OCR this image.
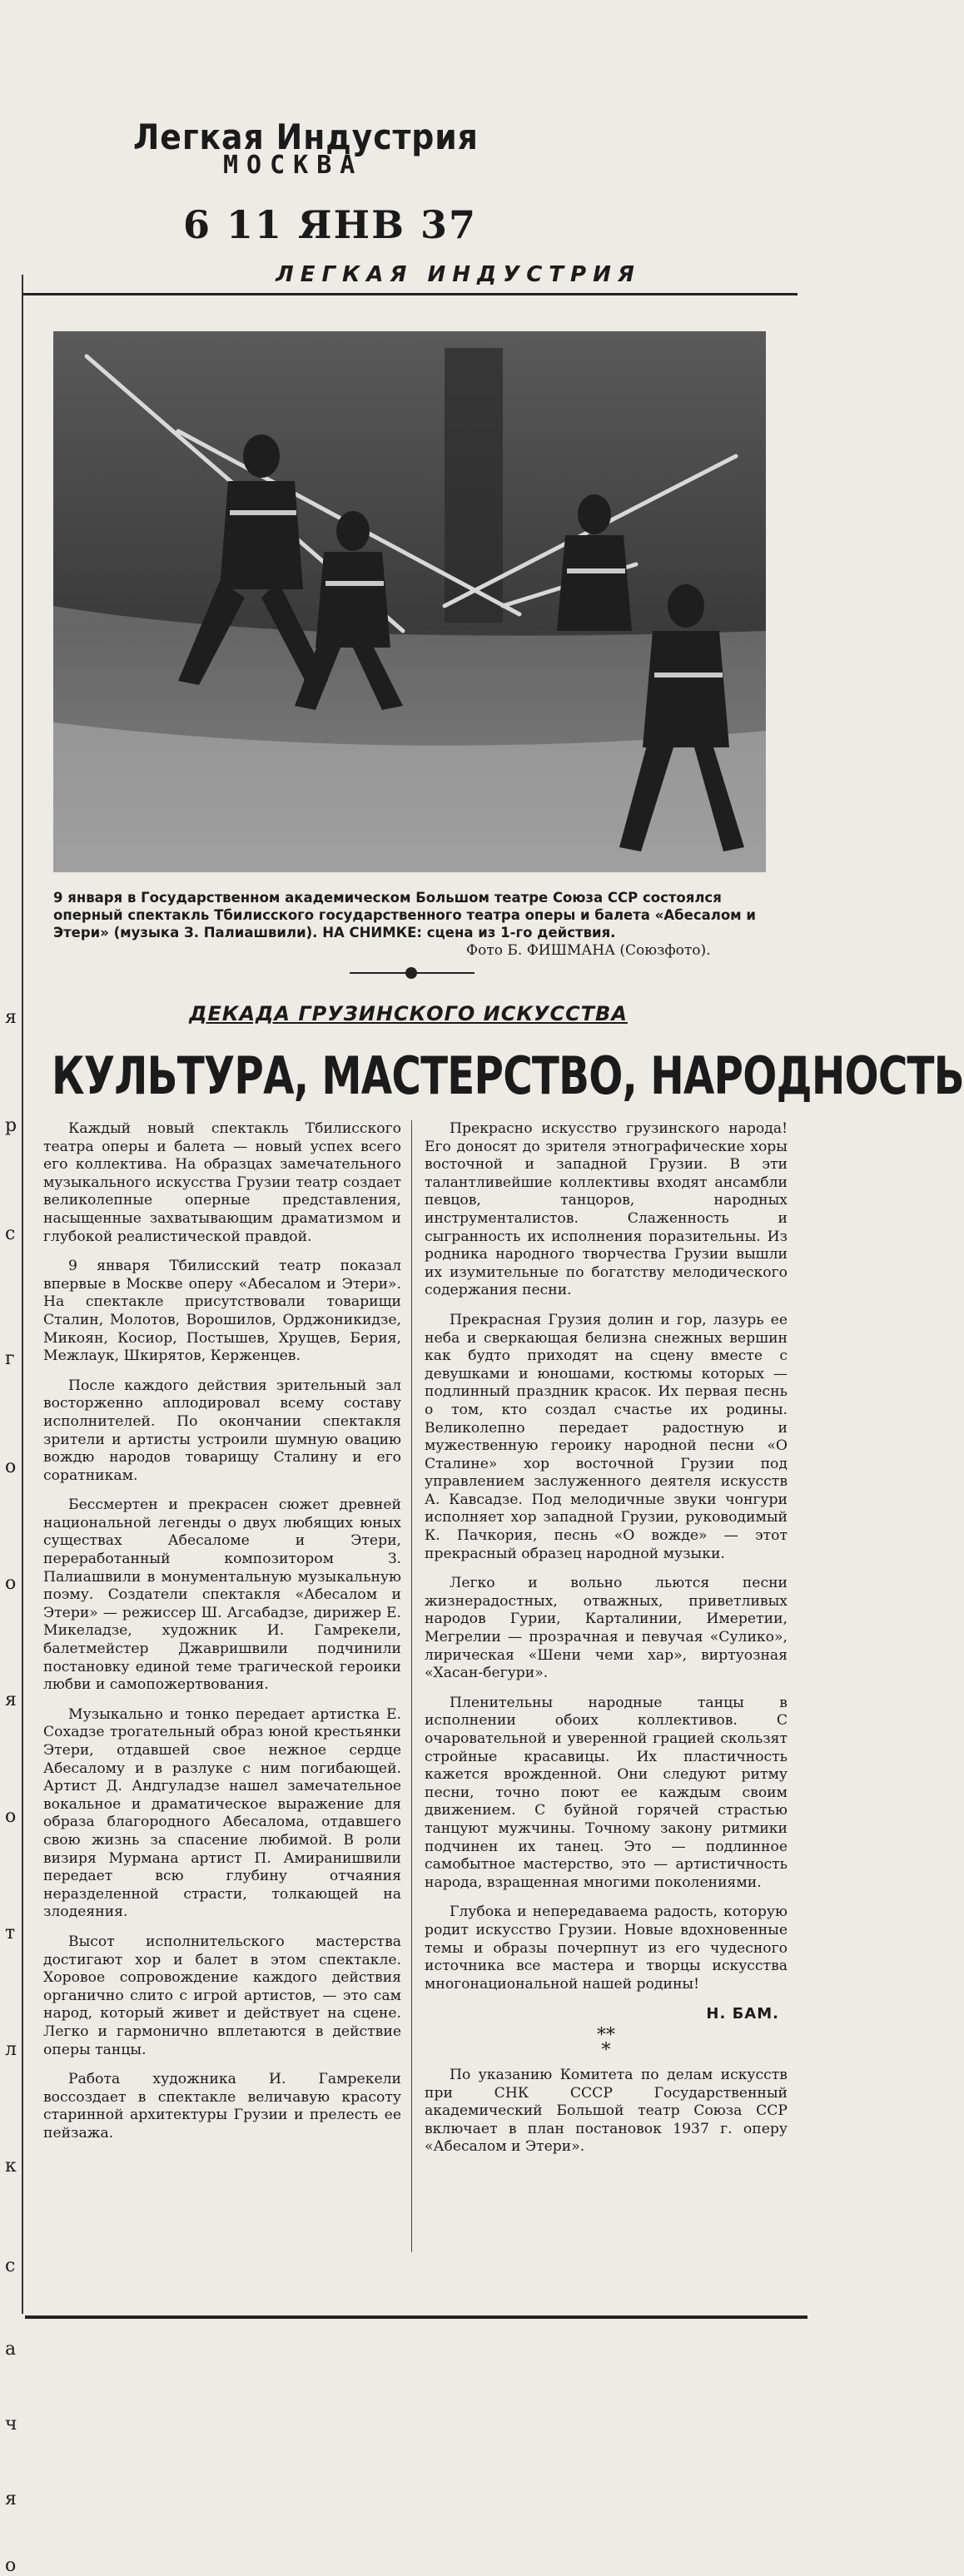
Легкая Индустрия
МОСКВА
6 11 ЯНВ 37
ЛЕГКАЯ ИНДУСТРИЯ
я
р
с
г
о
о
я
о
т
л
к
с
а
ч
я
о
9 января в Государственном академическом Большом театре Союза ССР состоялся оперный спектакль Тбилисского государственного театра оперы и балета «Абесалом и Этери» (музыка З. Палиашвили). НА СНИМКЕ: сцена из 1-го действия.
Фото Б. ФИШМАНА (Союзфото).
ДЕКАДА ГРУЗИНСКОГО ИСКУССТВА
КУЛЬТУРА, МАСТЕРСТВО, НАРОДНОСТЬ

Каждый новый спектакль Тбилисского театра оперы и балета — новый успех всего его коллектива. На образцах замечательного музыкального искусства Грузии театр создает великолепные оперные представления, насыщенные захватывающим драматизмом и глубокой реалистической правдой.

9 января Тбилисский театр показал впервые в Москве оперу «Абесалом и Этери». На спектакле присутствовали товарищи Сталин, Молотов, Ворошилов, Орджоникидзе, Микоян, Косиор, Постышев, Хрущев, Берия, Межлаук, Шкирятов, Керженцев.

После каждого действия зрительный зал восторженно аплодировал всему составу исполнителей. По окончании спектакля зрители и артисты устроили шумную овацию вождю народов товарищу Сталину и его соратникам.

Бессмертен и прекрасен сюжет древней национальной легенды о двух любящих юных существах Абесаломе и Этери, переработанный композитором З. Палиашвили в монументальную музыкальную поэму. Создатели спектакля «Абесалом и Этери» — режиссер Ш. Агсабадзе, дирижер Е. Микеладзе, художник И. Гамрекели, балетмейстер Джавришвили подчинили постановку единой теме трагической героики любви и самопожертвования.

Музыкально и тонко передает артистка Е. Сохадзе трогательный образ юной крестьянки Этери, отдавшей свое нежное сердце Абесалому и в разлуке с ним погибающей. Артист Д. Андгуладзе нашел замечательное вокальное и драматическое выражение для образа благородного Абесалома, отдавшего свою жизнь за спасение любимой. В роли визиря Мурмана артист П. Амиранишвили передает всю глубину отчаяния неразделенной страсти, толкающей на злодеяния.

Высот исполнительского мастерства достигают хор и балет в этом спектакле. Хоровое сопровождение каждого действия органично слито с игрой артистов, — это сам народ, который живет и действует на сцене. Легко и гармонично вплетаются в действие оперы танцы.

Работа художника И. Гамрекели воссоздает в спектакле величавую красоту старинной архитектуры Грузии и прелесть ее пейзажа.

Прекрасно искусство грузинского народа! Его доносят до зрителя этнографические хоры восточной и западной Грузии. В эти талантливейшие коллективы входят ансамбли певцов, танцоров, народных инструменталистов. Слаженность и сыгранность их исполнения поразительны. Из родника народного творчества Грузии вышли их изумительные по богатству мелодического содержания песни.

Прекрасная Грузия долин и гор, лазурь ее неба и сверкающая белизна снежных вершин как будто приходят на сцену вместе с девушками и юношами, костюмы которых — подлинный праздник красок. Их первая песнь о том, кто создал счастье их родины. Великолепно передает радостную и мужественную героику народной песни «О Сталине» хор восточной Грузии под управлением заслуженного деятеля искусств А. Кавсадзе. Под мелодичные звуки чонгури исполняет хор западной Грузии, руководимый К. Пачкория, песнь «О вожде» — этот прекрасный образец народной музыки.

Легко и вольно льются песни жизнерадостных, отважных, приветливых народов Гурии, Карталинии, Имеретии, Мегрелии — прозрачная и певучая «Сулико», лирическая «Шени чеми хар», виртуозная «Хасан-бегури».

Пленительны народные танцы в исполнении обоих коллективов. С очаровательной и уверенной грацией скользят стройные красавицы. Их пластичность кажется врожденной. Они следуют ритму песни, точно поют ее каждым своим движением. С буйной горячей страстью танцуют мужчины. Точному закону ритмики подчинен их танец. Это — подлинное самобытное мастерство, это — артистичность народа, взращенная многими поколениями.

Глубока и непередаваема радость, которую родит искусство Грузии. Новые вдохновенные темы и образы почерпнут из его чудесного источника все мастера и творцы искусства многонациональной нашей родины!

Н. БАМ.
**
*

По указанию Комитета по делам искусств при СНК СССР Государственный академический Большой театр Союза ССР включает в план постановок 1937 г. оперу «Абесалом и Этери».
